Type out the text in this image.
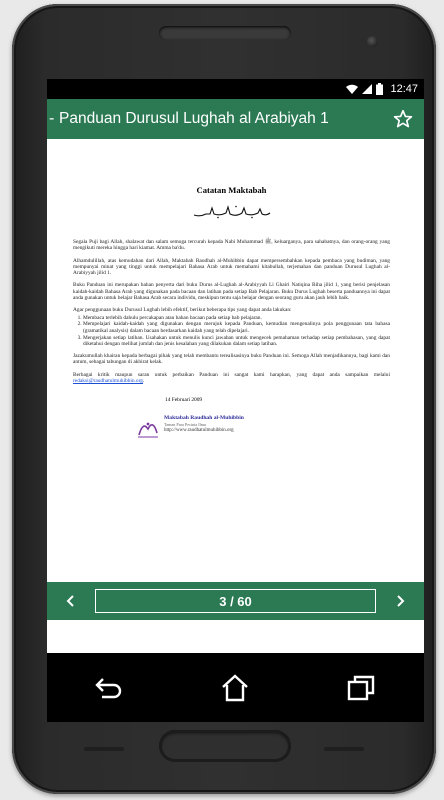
12:47
- Panduan Durusul Lughah al Arabiyah 1
Catatan Maktabah

Segala Puji bagi Allah, shalawat dan salam semoga tercurah kepada Nabi Muhammad ﷺ, keluarganya, para sahabatnya, dan orang-orang yang mengikuti mereka hingga hari kiamat. Amma ba'du.

Alhamdulillah, atas kemudahan dari Allah, Maktabah Raudhah al-Muhibbin dapat mempersembahkan kepada pembaca yang budiman, yang mempunyai minat yang tinggi untuk mempelajari Bahasa Arab untuk memahami kitabullah, terjemahan dan panduan Durusul Lughah al-Arabiyyah jilid 1.

Buku Panduan ini merupakan bahan penyerta dari buku Durus al-Lughah al-Arabiyyah Li Ghairi Natiqina Biha jilid 1, yang berisi penjelasan kaidah-kaidah Bahasa Arab yang digunakan pada bacaan dan latihan pada setiap Bab Pelajaran. Buku Durus Lughah beserta panduannya ini dapat anda gunakan untuk belajar Bahasa Arab secara individu, meskipun tentu saja belajar dengan seorang guru akan jauh lebih baik.

Agar penggunaan buku Durusul Lughah lebih efektif, berikut beberapa tips yang dapat anda lakukan:

1. Membaca terlebih dahulu percakapan atau bahan bacaan pada setiap bab pelajaran.
2. Mempelajari kaidah-kaidah yang digunakan dengan merujuk kepada Panduan, kemudian mengenalinya pola penggunaan tata bahasa (gramatikal analysis) dalam bacaan berdasarkan kaidah yang telah dipelajari.
3. Mengerjakan setiap latihan. Usahakan untuk menulis kunci jawaban untuk mengecek pemahaman terhadap setiap pembahasan, yang dapat diketahui dengan melihat jumlah dan jenis kesalahan yang dilakukan dalam setiap latihan.

Jazakumullah khairan kepada berbagai pihak yang telah membantu terealisasinya buku Panduan ini. Semoga Allah menjadikannya, bagi kami dan antum, sebagai tabungan di akhirat kelak.

Berbagai kritik maupun saran untuk perbaikan Panduan ini sangat kami harapkan, yang dapat anda sampaikan melalui redaksi@raudhatulmuhibbin.org.

14 Februari 2009
Maktabah Raudhah al-Muhibbin
Taman Para Pecinta Ilmu
http://www.raudhatulmuhibbin.org
3 / 60
